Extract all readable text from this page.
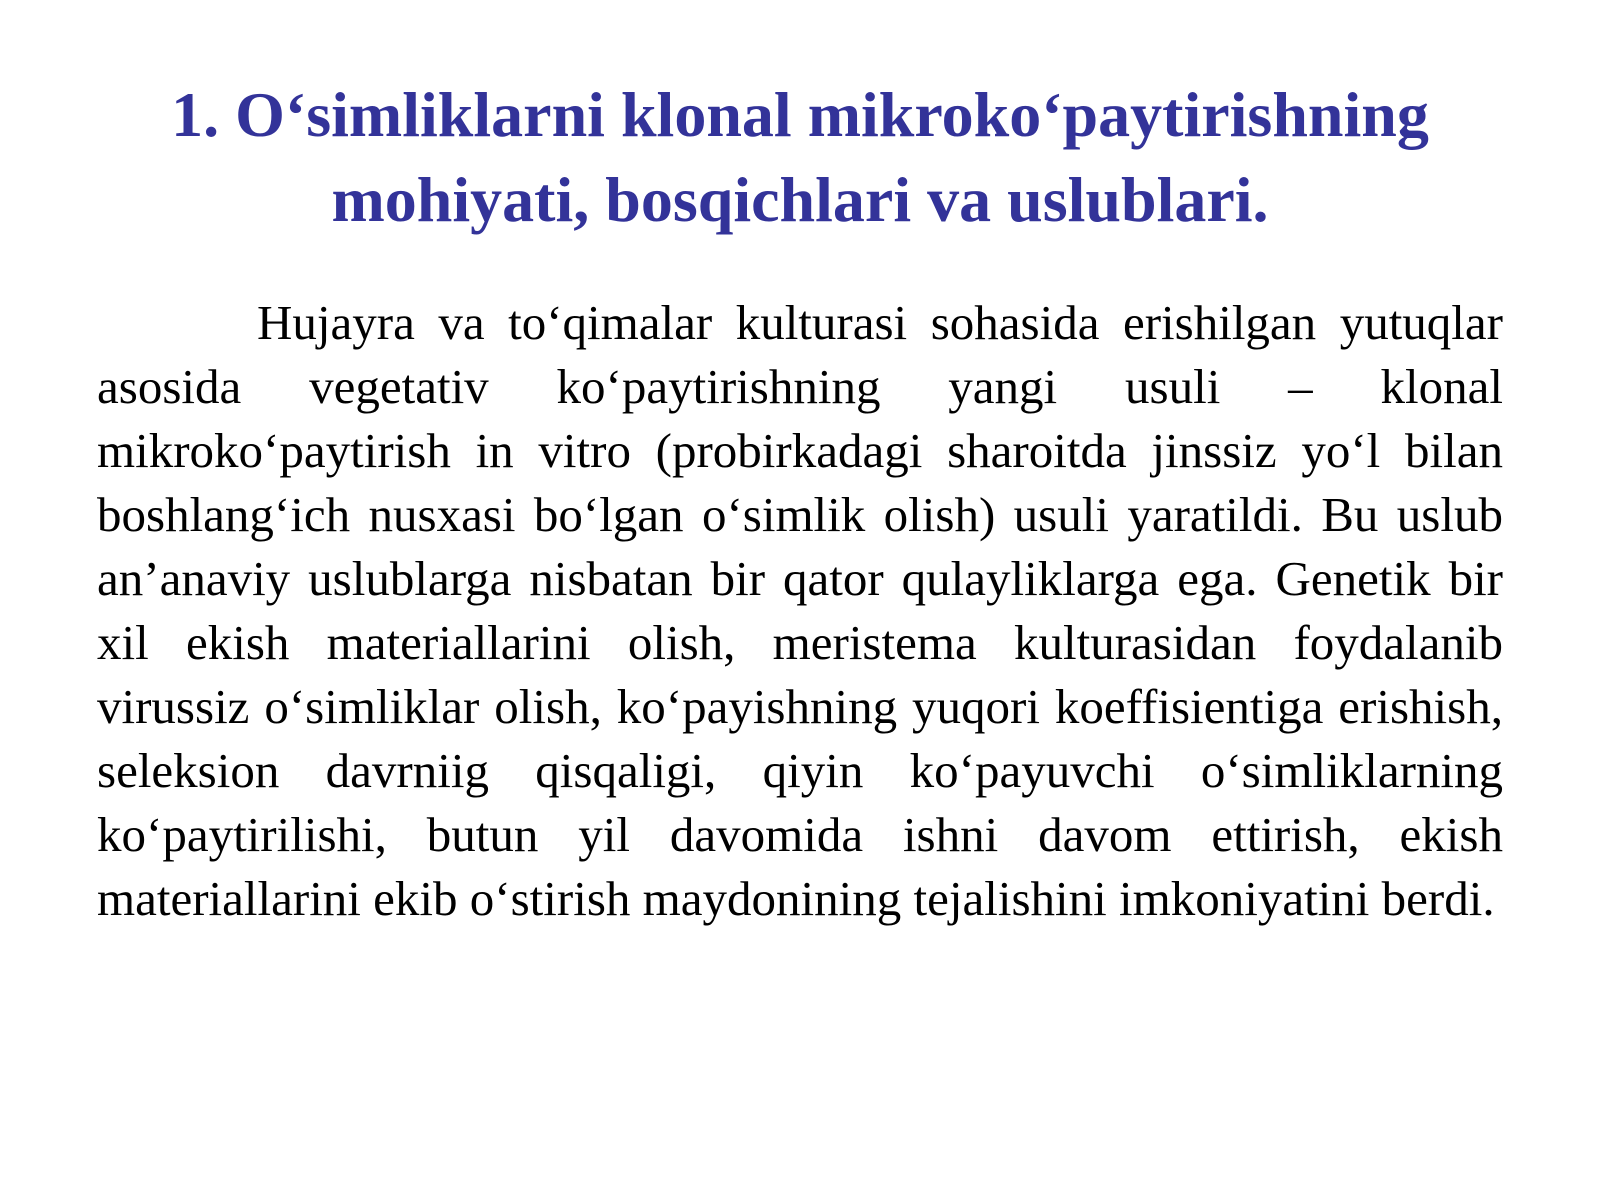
1. O‘simliklarni klonal mikroko‘paytirishning
mohiyati, bosqichlari va uslublari.

Hujayra va to‘qimalar kulturasi sohasida erishilgan yutuqlar asosida vegetativ ko‘paytirishning yangi usuli – klonal mikroko‘paytirish in vitro (probirkadagi sharoitda jinssiz yo‘l bilan boshlang‘ich nusxasi bo‘lgan o‘simlik olish) usuli yaratildi. Bu uslub an’anaviy uslublarga nisbatan bir qator qulayliklarga ega. Genetik bir xil ekish materiallarini olish, meristema kulturasidan foydalanib virussiz o‘simliklar olish, ko‘payishning yuqori koeffisientiga erishish, seleksion davrniig qisqaligi, qiyin ko‘payuvchi o‘simliklarning ko‘paytirilishi, butun yil davomida ishni davom ettirish, ekish materiallarini ekib o‘stirish maydonining tejalishini imkoniyatini berdi.
